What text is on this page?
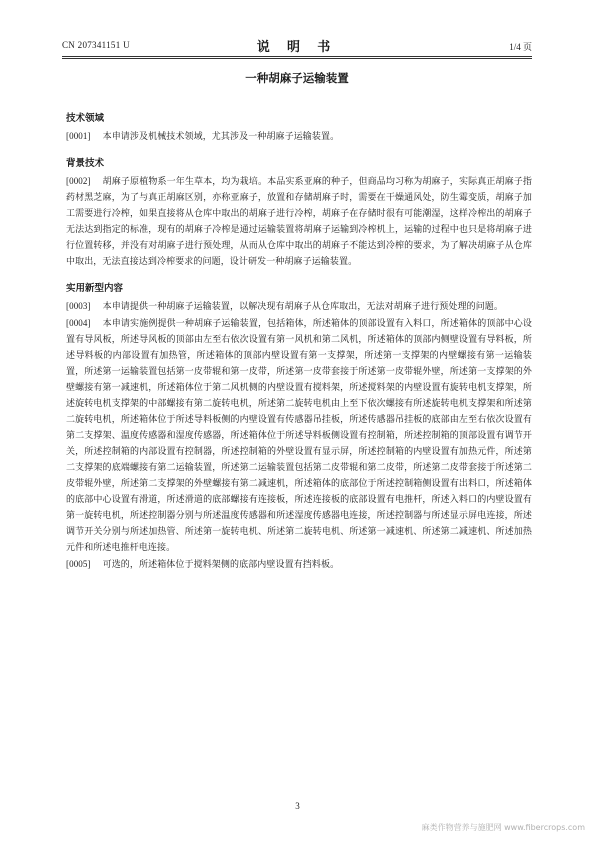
CN 207341151 U	说 明 书	1/4 页
一种胡麻子运输装置
技术领域

[0001] 本申请涉及机械技术领域，尤其涉及一种胡麻子运输装置。

背景技术

[0002] 胡麻子原植物系一年生草本，均为栽培。本品实系亚麻的种子，但商品均习称为胡麻子，实际真正胡麻子指药材黑芝麻，为了与真正胡麻区别，亦称亚麻子，放置和存储胡麻子时，需要在干燥通风处，防生霉变质，胡麻子加工需要进行冷榨，如果直接将从仓库中取出的胡麻子进行冷榨，胡麻子在存储时很有可能潮湿，这样冷榨出的胡麻子无法达到指定的标准，现有的胡麻子冷榨是通过运输装置将胡麻子运输到冷榨机上，运输的过程中也只是将胡麻子进行位置转移，并没有对胡麻子进行预处理，从而从仓库中取出的胡麻子不能达到冷榨的要求，为了解决胡麻子从仓库中取出，无法直接达到冷榨要求的问题，设计研发一种胡麻子运输装置。

实用新型内容

[0003] 本申请提供一种胡麻子运输装置，以解决现有胡麻子从仓库取出，无法对胡麻子进行预处理的问题。

[0004] 本申请实施例提供一种胡麻子运输装置，包括箱体，所述箱体的顶部设置有入料口，所述箱体的顶部中心设置有导风板，所述导风板的顶部由左至右依次设置有第一风机和第二风机，所述箱体的顶部内侧壁设置有导料板，所述导料板的内部设置有加热管，所述箱体的顶部内壁设置有第一支撑架，所述第一支撑架的内壁螺接有第一运输装置，所述第一运输装置包括第一皮带辊和第一皮带，所述第一皮带套接于所述第一皮带辊外壁，所述第一支撑架的外壁螺接有第一减速机，所述箱体位于第二风机侧的内壁设置有搅料架，所述搅料架的内壁设置有旋转电机支撑架，所述旋转电机支撑架的中部螺接有第二旋转电机，所述第二旋转电机由上至下依次螺接有所述旋转电机支撑架和所述第二旋转电机，所述箱体位于所述导料板侧的内壁设置有传感器吊挂板，所述传感器吊挂板的底部由左至右依次设置有第二支撑架、温度传感器和湿度传感器，所述箱体位于所述导料板侧设置有控制箱，所述控制箱的顶部设置有调节开关，所述控制箱的内部设置有控制器，所述控制箱的外壁设置有显示屏，所述控制箱的内壁设置有加热元件，所述第二支撑架的底端螺接有第二运输装置，所述第二运输装置包括第二皮带辊和第二皮带，所述第二皮带套接于所述第二皮带辊外壁，所述第二支撑架的外壁螺接有第二减速机，所述箱体的底部位于所述控制箱侧设置有出料口，所述箱体的底部中心设置有滑道，所述滑道的底部螺接有连接板，所述连接板的底部设置有电推杆，所述入料口的内壁设置有第一旋转电机，所述控制器分别与所述温度传感器和所述湿度传感器电连接，所述控制器与所述显示屏电连接，所述调节开关分别与所述加热管、所述第一旋转电机、所述第二旋转电机、所述第一减速机、所述第二减速机、所述加热元件和所述电推杆电连接。

[0005] 可选的，所述箱体位于搅料架侧的底部内壁设置有挡料板。

3
麻类作物营养与施肥网 www.fibercrops.com
